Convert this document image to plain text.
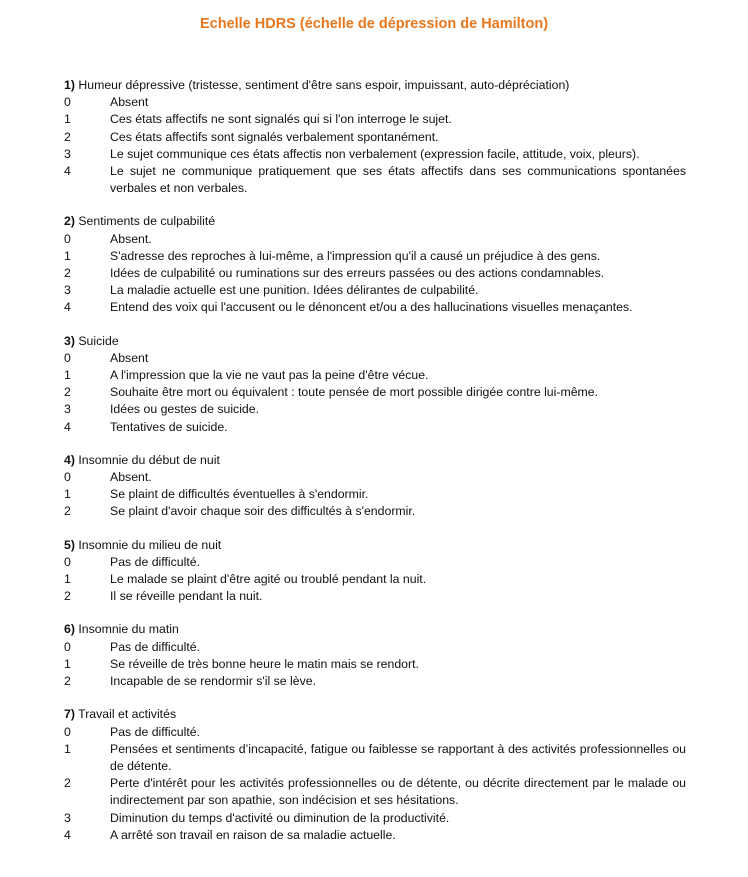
Echelle HDRS (échelle de dépression de Hamilton)
1) Humeur dépressive (tristesse, sentiment d'être sans espoir, impuissant, auto-dépréciation)
0	Absent
1	Ces états affectifs ne sont signalés qui si l'on interroge le sujet.
2	Ces états affectifs sont signalés verbalement spontanément.
3	Le sujet communique ces états affectis non verbalement (expression facile, attitude, voix, pleurs).
4	Le sujet ne communique pratiquement que ses états affectifs dans ses communications spontanées verbales et non verbales.
2) Sentiments de culpabilité
0	Absent.
1	S'adresse des reproches à lui-même, a l'impression qu'il a causé un préjudice à des gens.
2	Idées de culpabilité ou ruminations sur des erreurs passées ou des actions condamnables.
3	La maladie actuelle est une punition. Idées délirantes de culpabilité.
4	Entend des voix qui l'accusent ou le dénoncent et/ou a des hallucinations visuelles menaçantes.
3) Suicide
0	Absent
1	A l'impression que la vie ne vaut pas la peine d'être vécue.
2	Souhaite être mort ou équivalent : toute pensée de mort possible dirigée contre lui-même.
3	Idées ou gestes de suicide.
4	Tentatives de suicide.
4) Insomnie du début de nuit
0	Absent.
1	Se plaint de difficultés éventuelles à s'endormir.
2	Se plaint d'avoir chaque soir des difficultés à s'endormir.
5) Insomnie du milieu de nuit
0	Pas de difficulté.
1	Le malade se plaint d'être agité ou troublé pendant la nuit.
2	Il se réveille pendant la nuit.
6) Insomnie du matin
0	Pas de difficulté.
1	Se réveille de très bonne heure le matin mais se rendort.
2	Incapable de se rendormir s'il se lève.
7) Travail et activités
0	Pas de difficulté.
1	Pensées et sentiments d’incapacité, fatigue ou faiblesse se rapportant à des activités professionnelles ou de détente.
2	Perte d'intérêt pour les activités professionnelles ou de détente, ou décrite directement par le malade ou indirectement par son apathie, son indécision et ses hésitations.
3	Diminution du temps d'activité ou diminution de la productivité.
4	A arrêté son travail en raison de sa maladie actuelle.
